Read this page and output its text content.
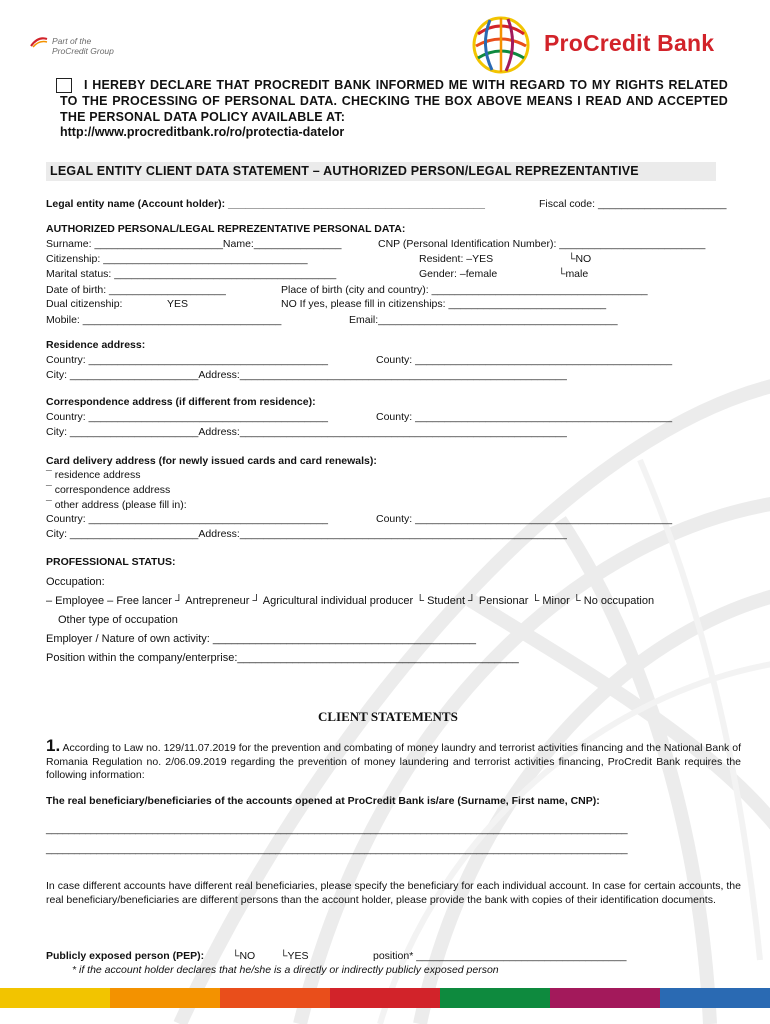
Part of the
ProCredit Group	ProCredit Bank
I HEREBY DECLARE THAT PROCREDIT BANK INFORMED ME WITH REGARD TO MY RIGHTS RELATED TO THE PROCESSING OF PERSONAL DATA. CHECKING THE BOX ABOVE MEANS I READ AND ACCEPTED THE PERSONAL DATA POLICY AVAILABLE AT:
http://www.procreditbank.ro/ro/protectia-datelor
LEGAL ENTITY CLIENT DATA STATEMENT – AUTHORIZED PERSON/LEGAL REPREZENTANTIVE
Legal entity name (Account holder): ____________________________________________	Fiscal code: ______________________
AUTHORIZED PERSONAL/LEGAL REPREZENTATIVE PERSONAL DATA:
Surname: ______________________Name:_______________	CNP (Personal Identification Number): _________________________
Citizenship: ___________________________________	Resident: –YES	└NO
Marital status: ______________________________________	Gender: –female	└male
Date of birth: ____________________	Place of birth (city and country): _____________________________________
Dual citizenship:	YES	NO If yes, please fill in citizenships: ___________________________
Mobile: __________________________________	Email:_________________________________________
Residence address:
Country: _________________________________________	County: ____________________________________________
City: ______________________Address:________________________________________________________
Correspondence address (if different from residence):
Country: _________________________________________	County: ____________________________________________
City: ______________________Address:________________________________________________________
Card delivery address (for newly issued cards and card renewals):
¯ residence address
¯ correspondence address
¯ other address (please fill in):
Country: _________________________________________	County: ____________________________________________
City: ______________________Address:________________________________________________________
PROFESSIONAL STATUS:
Occupation:
– Employee – Free lancer ┘ Antrepreneur ┘ Agricultural individual producer └ Student ┘ Pensionar └ Minor └ No occupation
Other type of occupation
Employer / Nature of own activity: ___________________________________________
Position within the company/enterprise:______________________________________________
CLIENT STATEMENTS
1. According to Law no. 129/11.07.2019 for the prevention and combating of money laundry and terrorist activities financing and the National Bank of Romania Regulation no. 2/06.09.2019 regarding the prevention of money laundering and terrorist activities financing, ProCredit Bank requires the following information:
The real beneficiary/beneficiaries of the accounts opened at ProCredit Bank is/are (Surname, First name, CNP):
________________________________________________________________________________________________________
________________________________________________________________________________________________________
In case different accounts have different real beneficiaries, please specify the beneficiary for each individual account. In case for certain accounts, the real beneficiary/beneficiaries are different persons than the account holder, please provide the bank with copies of their identification documents.
Publicly exposed person (PEP):	└NO └YES	position* ____________________________________
* if the account holder declares that he/she is a directly or indirectly publicly exposed person
